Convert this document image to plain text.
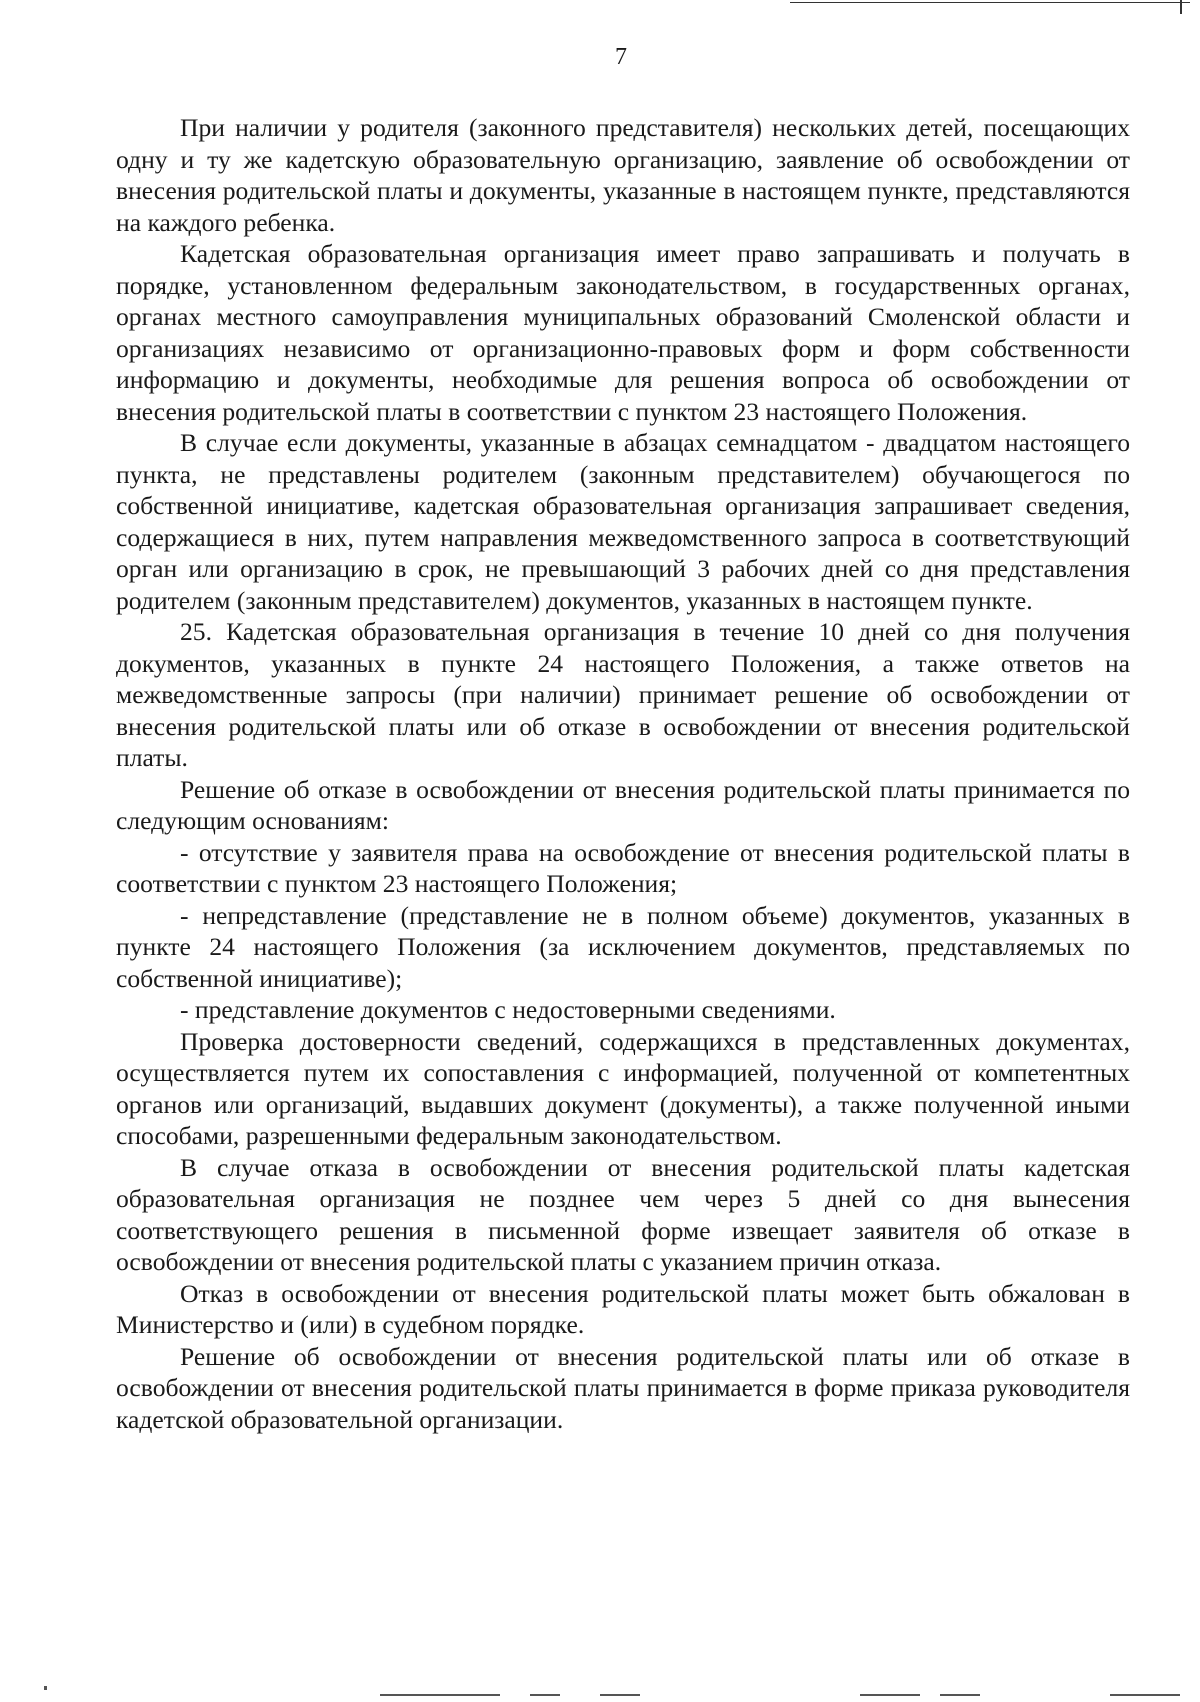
7

При наличии у родителя (законного представителя) нескольких детей, посещающих одну и ту же кадетскую образовательную организацию, заявление об освобождении от внесения родительской платы и документы, указанные в настоящем пункте, представляются на каждого ребенка.

Кадетская образовательная организация имеет право запрашивать и получать в порядке, установленном федеральным законодательством, в государственных органах, органах местного самоуправления муниципальных образований Смоленской области и организациях независимо от организационно-правовых форм и форм собственности информацию и документы, необходимые для решения вопроса об освобождении от внесения родительской платы в соответствии с пунктом 23 настоящего Положения.

В случае если документы, указанные в абзацах семнадцатом - двадцатом настоящего пункта, не представлены родителем (законным представителем) обучающегося по собственной инициативе, кадетская образовательная организация запрашивает сведения, содержащиеся в них, путем направления межведомственного запроса в соответствующий орган или организацию в срок, не превышающий 3 рабочих дней со дня представления родителем (законным представителем) документов, указанных в настоящем пункте.

25. Кадетская образовательная организация в течение 10 дней со дня получения документов, указанных в пункте 24 настоящего Положения, а также ответов на межведомственные запросы (при наличии) принимает решение об освобождении от внесения родительской платы или об отказе в освобождении от внесения родительской платы.

Решение об отказе в освобождении от внесения родительской платы принимается по следующим основаниям:

- отсутствие у заявителя права на освобождение от внесения родительской платы в соответствии с пунктом 23 настоящего Положения;

- непредставление (представление не в полном объеме) документов, указанных в пункте 24 настоящего Положения (за исключением документов, представляемых по собственной инициативе);

- представление документов с недостоверными сведениями.

Проверка достоверности сведений, содержащихся в представленных документах, осуществляется путем их сопоставления с информацией, полученной от компетентных органов или организаций, выдавших документ (документы), а также полученной иными способами, разрешенными федеральным законодательством.

В случае отказа в освобождении от внесения родительской платы кадетская образовательная организация не позднее чем через 5 дней со дня вынесения соответствующего решения в письменной форме извещает заявителя об отказе в освобождении от внесения родительской платы с указанием причин отказа.

Отказ в освобождении от внесения родительской платы может быть обжалован в Министерство и (или) в судебном порядке.

Решение об освобождении от внесения родительской платы или об отказе в освобождении от внесения родительской платы принимается в форме приказа руководителя кадетской образовательной организации.
